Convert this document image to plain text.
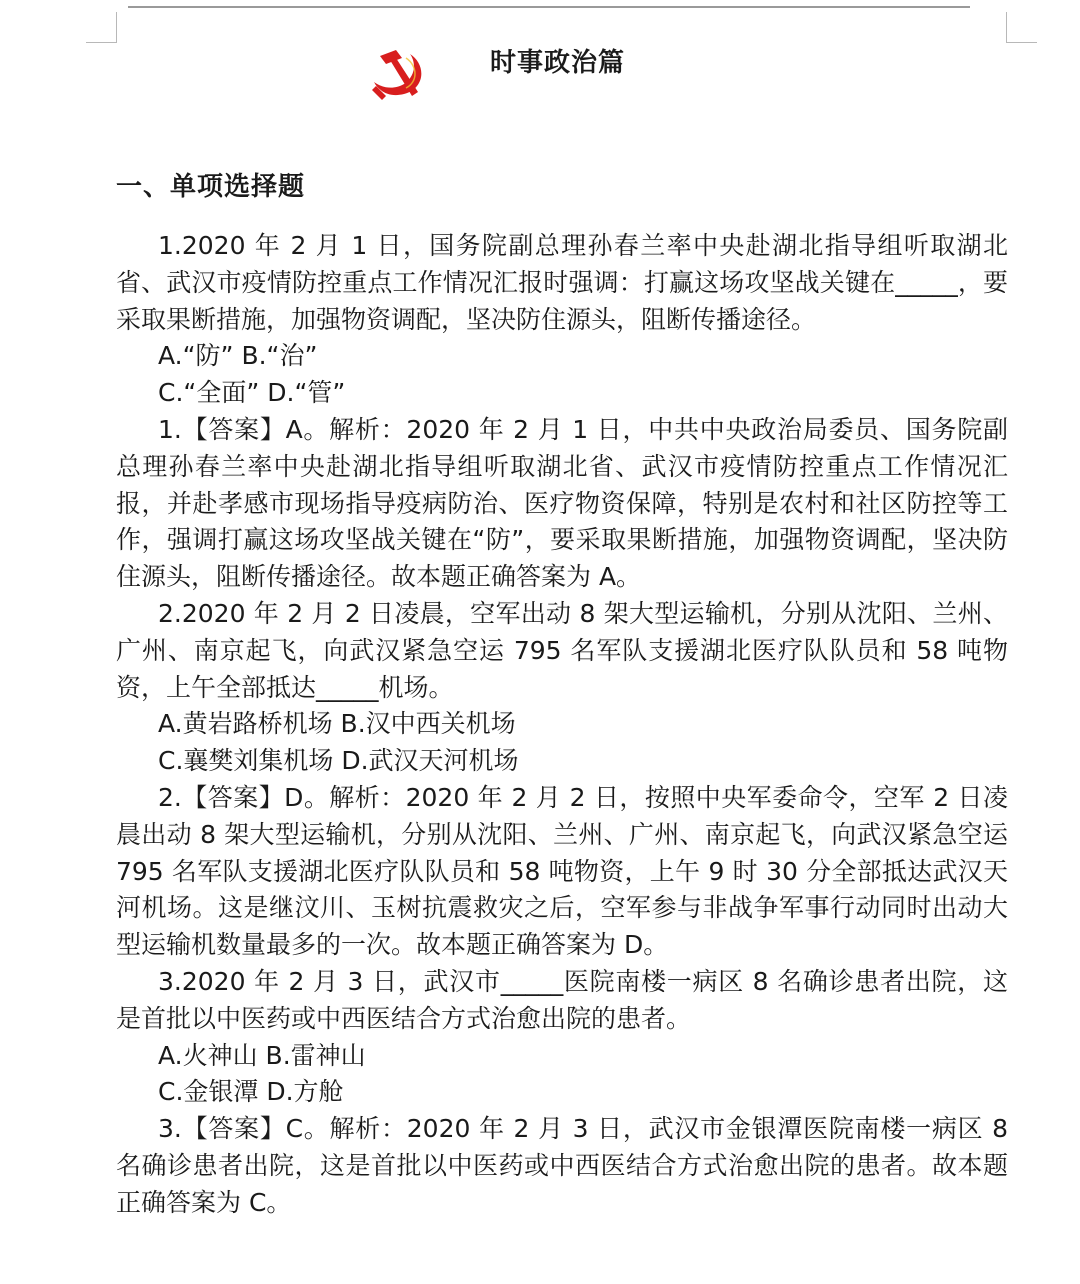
时事政治篇
一、单项选择题

1.2020 年 2 月 1 日，国务院副总理孙春兰率中央赴湖北指导组听取湖北省、武汉市疫情防控重点工作情况汇报时强调：打赢这场攻坚战关键在_____，要采取果断措施，加强物资调配，坚决防住源头，阻断传播途径。

A.“防” B.“治”

C.“全面” D.“管”

1.【答案】A。解析：2020 年 2 月 1 日，中共中央政治局委员、国务院副总理孙春兰率中央赴湖北指导组听取湖北省、武汉市疫情防控重点工作情况汇报，并赴孝感市现场指导疫病防治、医疗物资保障，特别是农村和社区防控等工作，强调打赢这场攻坚战关键在“防”，要采取果断措施，加强物资调配，坚决防住源头，阻断传播途径。故本题正确答案为 A。

2.2020 年 2 月 2 日凌晨，空军出动 8 架大型运输机，分别从沈阳、兰州、广州、南京起飞，向武汉紧急空运 795 名军队支援湖北医疗队队员和 58 吨物资，上午全部抵达_____机场。

A.黄岩路桥机场 B.汉中西关机场

C.襄樊刘集机场 D.武汉天河机场

2.【答案】D。解析：2020 年 2 月 2 日，按照中央军委命令，空军 2 日凌晨出动 8 架大型运输机，分别从沈阳、兰州、广州、南京起飞，向武汉紧急空运 795 名军队支援湖北医疗队队员和 58 吨物资，上午 9 时 30 分全部抵达武汉天河机场。这是继汶川、玉树抗震救灾之后，空军参与非战争军事行动同时出动大型运输机数量最多的一次。故本题正确答案为 D。

3.2020 年 2 月 3 日，武汉市_____医院南楼一病区 8 名确诊患者出院，这是首批以中医药或中西医结合方式治愈出院的患者。

A.火神山 B.雷神山

C.金银潭 D.方舱

3.【答案】C。解析：2020 年 2 月 3 日，武汉市金银潭医院南楼一病区 8 名确诊患者出院，这是首批以中医药或中西医结合方式治愈出院的患者。故本题正确答案为 C。
